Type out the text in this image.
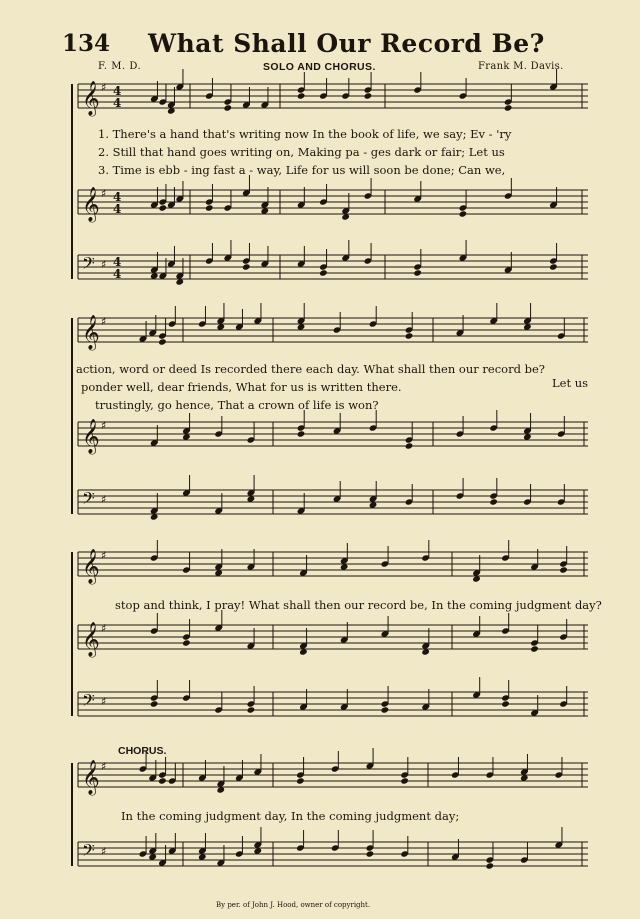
134 What Shall Our Record Be?
F. M. D.	SOLO AND CHORUS.	Frank M. Davis.
𝄞 ♯ 4
4
𝄞 ♯ 4
4
𝄢 ♯ 4
4
𝄞 ♯
𝄞 ♯
𝄢 ♯
𝄞 ♯
𝄞 ♯
𝄢 ♯
𝄞 ♯
𝄢 ♯
1. There's a hand that's writing now In the book of life, we say; Ev - 'ry
2. Still that hand goes writing on, Making pa - ges dark or fair; Let us
3. Time is ebb - ing fast a - way, Life for us will soon be done; Can we,
action, word or deed Is recorded there each day. What shall then our record be?
ponder well, dear friends, What for us is written there.	Let us
trustingly, go hence, That a crown of life is won?
stop and think, I pray! What shall then our record be, In the coming judgment day?
CHORUS.
In the coming judgment day, In the coming judgment day;
By per. of John J. Hood, owner of copyright.
